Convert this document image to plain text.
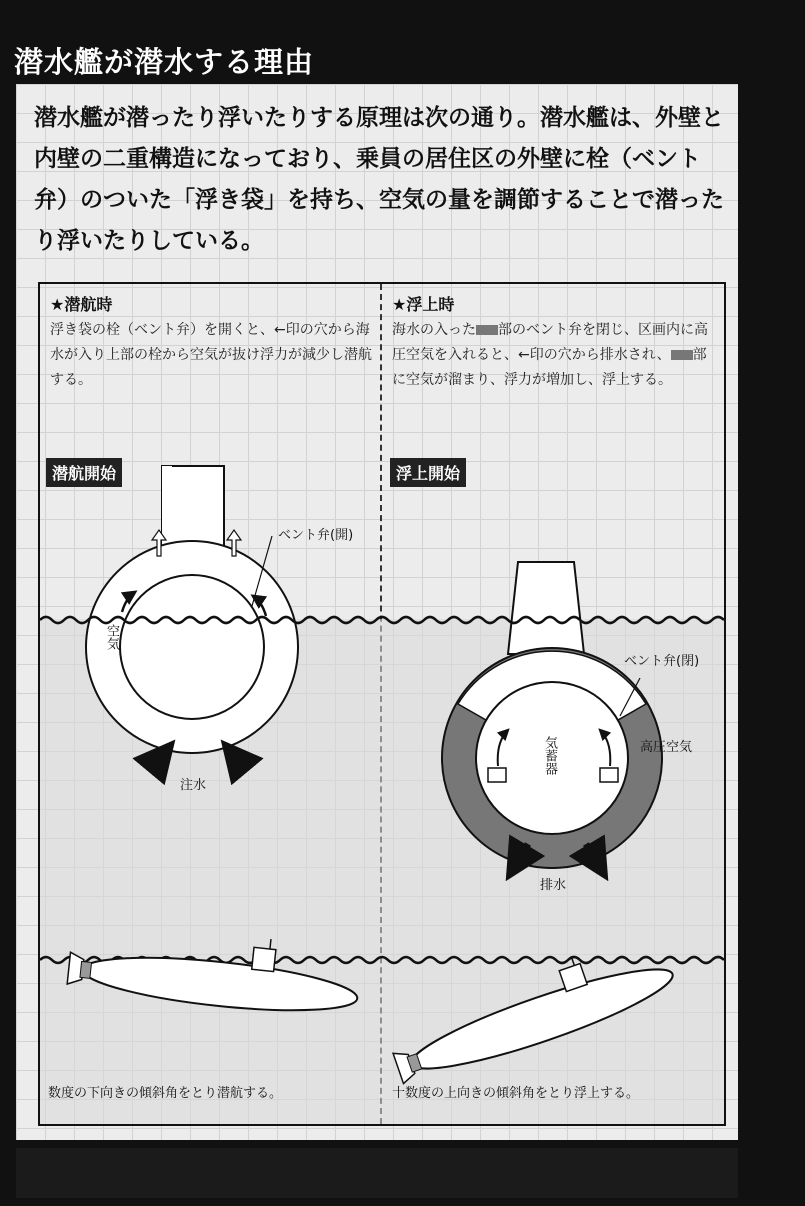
潜水艦が潜水する理由

潜水艦が潜ったり浮いたりする原理は次の通り。潜水艦は、外壁と内壁の二重構造になっており、乗員の居住区の外壁に栓（ベント弁）のついた「浮き袋」を持ち、空気の量を調節することで潜ったり浮いたりしている。

★潜航時

浮き袋の栓（ベント弁）を開くと、←印の穴から海水が入り上部の栓から空気が抜け浮力が減少し潜航する。

潜航開始
ベント弁(開)
空気
注水
数度の下向きの傾斜角をとり潜航する。
★浮上時

海水の入った 部のベント弁を閉じ、区画内に高圧空気を入れると、←印の穴から排水され、 部に空気が溜まり、浮力が増加し、浮上する。

浮上開始
ベント弁(閉)
高圧空気
気蓄器
排水
十数度の上向きの傾斜角をとり浮上する。
